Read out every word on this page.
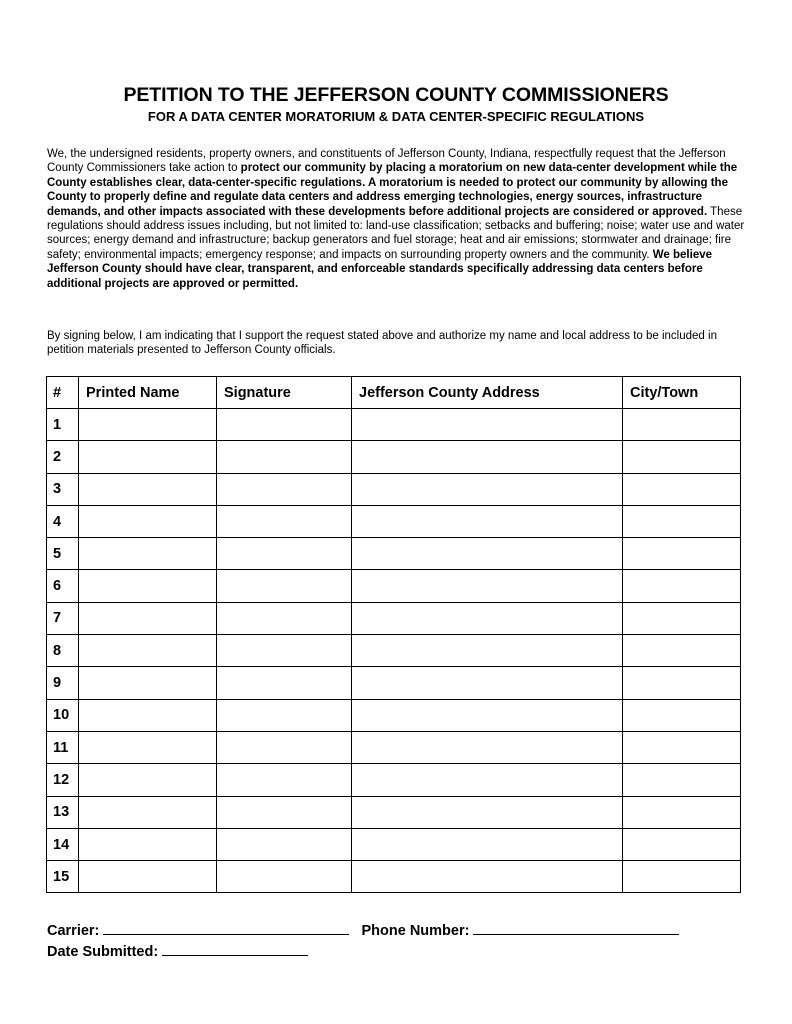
PETITION TO THE JEFFERSON COUNTY COMMISSIONERS
FOR A DATA CENTER MORATORIUM & DATA CENTER-SPECIFIC REGULATIONS

We, the undersigned residents, property owners, and constituents of Jefferson County, Indiana, respectfully request that the Jefferson County Commissioners take action to protect our community by placing a moratorium on new data-center development while the County establishes clear, data-center-specific regulations. A moratorium is needed to protect our community by allowing the County to properly define and regulate data centers and address emerging technologies, energy sources, infrastructure demands, and other impacts associated with these developments before additional projects are considered or approved. These regulations should address issues including, but not limited to: land-use classification; setbacks and buffering; noise; water use and water sources; energy demand and infrastructure; backup generators and fuel storage; heat and air emissions; stormwater and drainage; fire safety; environmental impacts; emergency response; and impacts on surrounding property owners and the community. We believe Jefferson County should have clear, transparent, and enforceable standards specifically addressing data centers before additional projects are approved or permitted.

By signing below, I am indicating that I support the request stated above and authorize my name and local address to be included in petition materials presented to Jefferson County officials.

#	Printed Name	Signature	Jefferson County Address	City/Town
1				
2				
3				
4				
5				
6				
7				
8				
9				
10				
11				
12				
13				
14				
15				
Carrier:	Phone Number:
Date Submitted:
